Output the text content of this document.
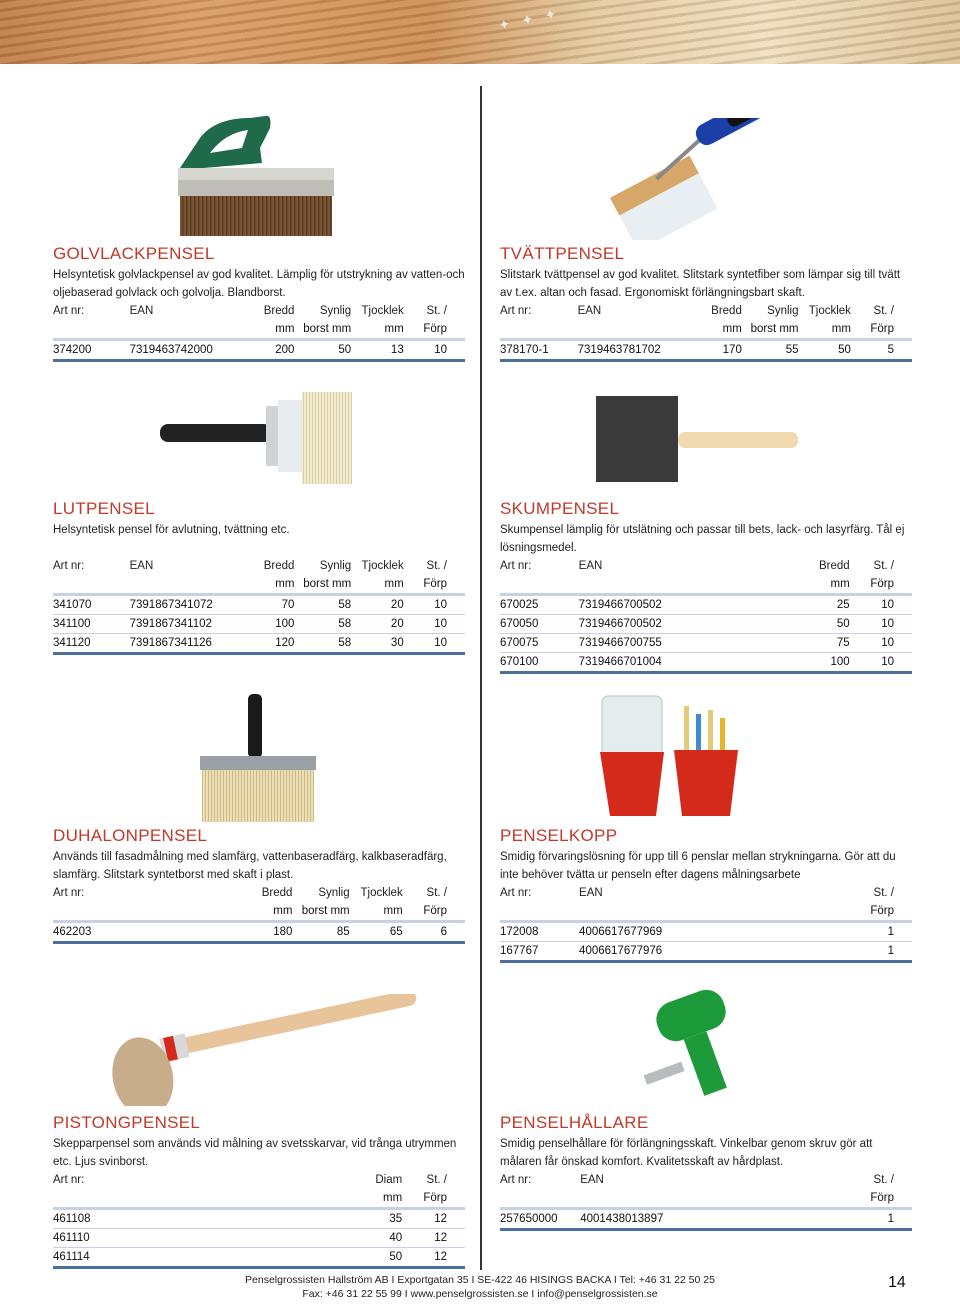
✦ ✦ ✦
GOLVLACKPENSEL
Helsyntetisk golvlackpensel av god kvalitet. Lämplig för utstrykning av vatten-och oljebaserad golvlack och golvolja. Blandborst.
Art nr:	EAN	Bredd	Synlig	Tjocklek	St. /
		mm	borst mm	mm	Förp
374200	7319463742000	200	50	13	10
TVÄTTPENSEL
Slitstark tvättpensel av god kvalitet. Slitstark syntetfiber som lämpar sig till tvätt av t.ex. altan och fasad. Ergonomiskt förlängningsbart skaft.
Art nr:	EAN	Bredd	Synlig	Tjocklek	St. /
		mm	borst mm	mm	Förp
378170-1	7319463781702	170	55	50	5
LUTPENSEL
Helsyntetisk pensel för avlutning, tvättning etc.
Art nr:	EAN	Bredd	Synlig	Tjocklek	St. /
		mm	borst mm	mm	Förp
341070	7391867341072	70	58	20	10
341100	7391867341102	100	58	20	10
341120	7391867341126	120	58	30	10
SKUMPENSEL
Skumpensel lämplig för utslätning och passar till bets, lack- och lasyrfärg. Tål ej lösningsmedel.
Art nr:	EAN			Bredd	St. /
				mm	Förp
670025	7319466700502			25	10
670050	7319466700502			50	10
670075	7319466700755			75	10
670100	7319466701004			100	10
DUHALONPENSEL
Används till fasadmålning med slamfärg, vattenbaseradfärg, kalkbaseradfärg, slamfärg. Slitstark syntetborst med skaft i plast.
Art nr:		Bredd	Synlig	Tjocklek	St. /
		mm	borst mm	mm	Förp
462203		180	85	65	6
PENSELKOPP
Smidig förvaringslösning för upp till 6 penslar mellan strykningarna. Gör att du inte behöver tvätta ur penseln efter dagens målningsarbete
Art nr:	EAN				St. /
					Förp
172008	4006617677969				1
167767	4006617677976				1
PISTONGPENSEL
Skepparpensel som används vid målning av svetsskarvar, vid trånga utrymmen etc. Ljus svinborst.
Art nr:				Diam	St. /
				mm	Förp
461108				35	12
461110				40	12
461114				50	12
PENSELHÅLLARE
Smidig penselhållare för förlängningsskaft. Vinkelbar genom skruv gör att målaren får önskad komfort. Kvalitetsskaft av hårdplast.
Art nr:	EAN				St. /
					Förp
257650000	4001438013897				1
Penselgrossisten Hallström AB I Exportgatan 35 I SE-422 46 HISINGS BACKA I Tel: +46 31 22 50 25
Fax: +46 31 22 55 99 I www.penselgrossisten.se I info@penselgrossisten.se
14
